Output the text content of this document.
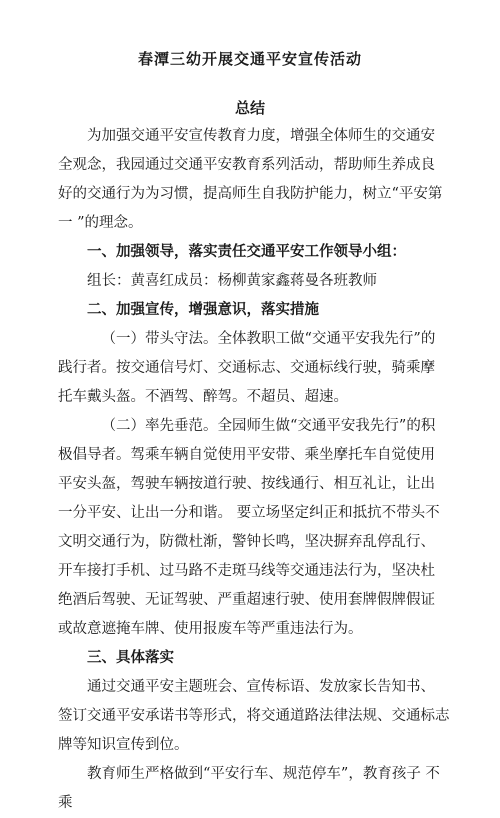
春潭三幼开展交通平安宣传活动
总结

为加强交通平安宣传教育力度，增强全体师生的交通安 全观念，我园通过交通平安教育系列活动，帮助师生养成良 好的交通行为为习惯，提高师生自我防护能力，树立“平安第 一 ”的理念。

一、加强领导，落实责任交通平安工作领导小组：

组长：黄喜红成员：杨柳黄家鑫蒋曼各班教师

二、加强宣传，增强意识，落实措施

（一）带头守法。全体教职工做“交通平安我先行”的 践行者。按交通信号灯、交通标志、交通标线行驶，骑乘摩 托车戴头盔。不酒驾、醉驾。不超员、超速。

（二）率先垂范。全园师生做“交通平安我先行”的积 极倡导者。驾乘车辆自觉使用平安带、乘坐摩托车自觉使用 平安头盔，驾驶车辆按道行驶、按线通行、相互礼让，让出 一分平安、让出一分和谐。 要立场坚定纠正和抵抗不带头不 文明交通行为，防微杜渐，警钟长鸣，坚决摒弃乱停乱行、 开车接打手机、过马路不走斑马线等交通违法行为，坚决杜 绝酒后驾驶、无证驾驶、严重超速行驶、使用套牌假牌假证 或故意遮掩车牌、使用报废车等严重违法行为。

三、具体落实

通过交通平安主题班会、宣传标语、发放家长告知书、 签订交通平安承诺书等形式，将交通道路法律法规、交通标志牌等知识宣传到位。

教育师生严格做到“平安行车、规范停车”，教育孩子 不乘
